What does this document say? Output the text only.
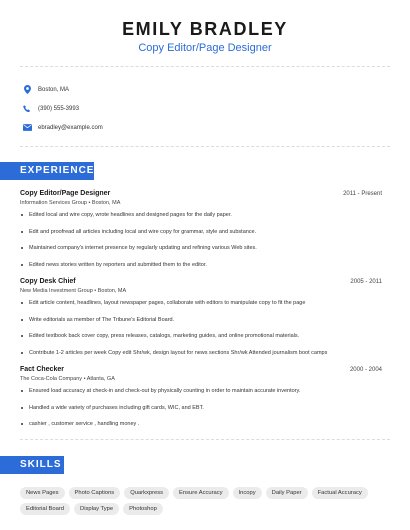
EMILY BRADLEY
Copy Editor/Page Designer
Boston, MA
(390) 555-3993
ebradley@example.com
EXPERIENCE
Copy Editor/Page Designer	2011 - Present
Information Services Group • Boston, MA
Edited local and wire copy, wrote headlines and designed pages for the daily paper.
Edit and proofread all articles including local and wire copy for grammar, style and substance.
Maintained company's internet presence by regularly updating and refining various Web sites.
Edited news stories written by reporters and submitted them to the editor.
Copy Desk Chief	2005 - 2011
New Media Investment Group • Boston, MA
Edit article content, headlines, layout newspaper pages, collaborate with editors to manipulate copy to fit the page
Write editorials as member of The Tribune's Editorial Board.
Edited textbook back cover copy, press releases, catalogs, marketing guides, and online promotional materials.
Contribute 1-2 articles per week Copy edit Shr/wk, design layout for news sections Shr/wk Attended journalism boot camps
Fact Checker	2000 - 2004
The Coca-Cola Company • Atlanta, GA
Ensured load accuracy at check-in and check-out by physically counting in order to maintain accurate inventory.
Handled a wide variety of purchases including gift cards, WIC, and EBT.
cashier , customer service , handling money .
SKILLS
News Pages	Photo Captions	Quarkxpress	Ensure Accuracy	Incopy	Daily Paper	Factual Accuracy
Editorial Board	Display Type	Photoshop
